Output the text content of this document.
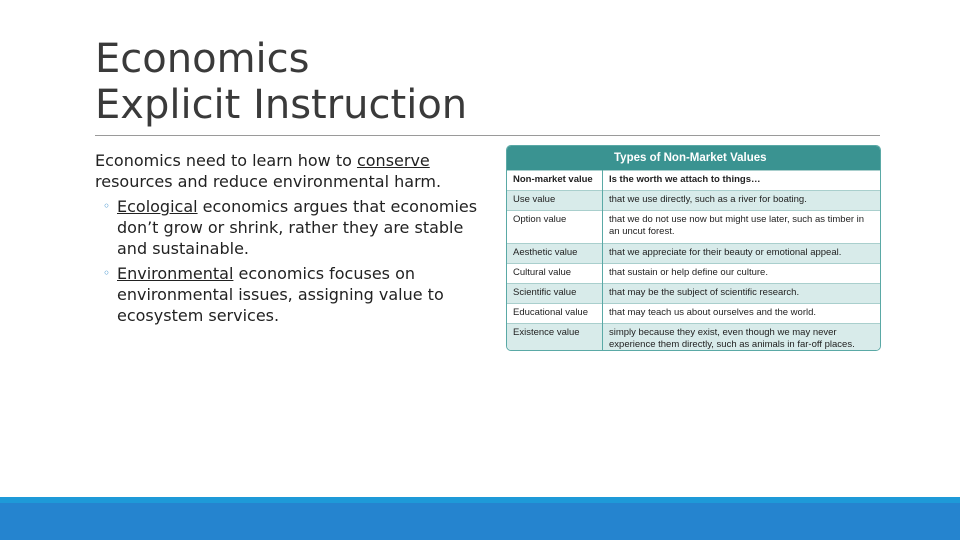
Economics
Explicit Instruction

Economics need to learn how to conserve resources and reduce environmental harm.

◦ Ecological economics argues that economies don’t grow or shrink, rather they are stable and sustainable.
◦ Environmental economics focuses on environmental issues, assigning value to ecosystem services.
Types of Non-Market Values	
Non-market value	Is the worth we attach to things…
Use value	that we use directly, such as a river for boating.
Option value	that we do not use now but might use later, such as timber in an uncut forest.
Aesthetic value	that we appreciate for their beauty or emotional appeal.
Cultural value	that sustain or help define our culture.
Scientific value	that may be the subject of scientific research.
Educational value	that may teach us about ourselves and the world.
Existence value	simply because they exist, even though we may never experience them directly, such as animals in far-off places.
